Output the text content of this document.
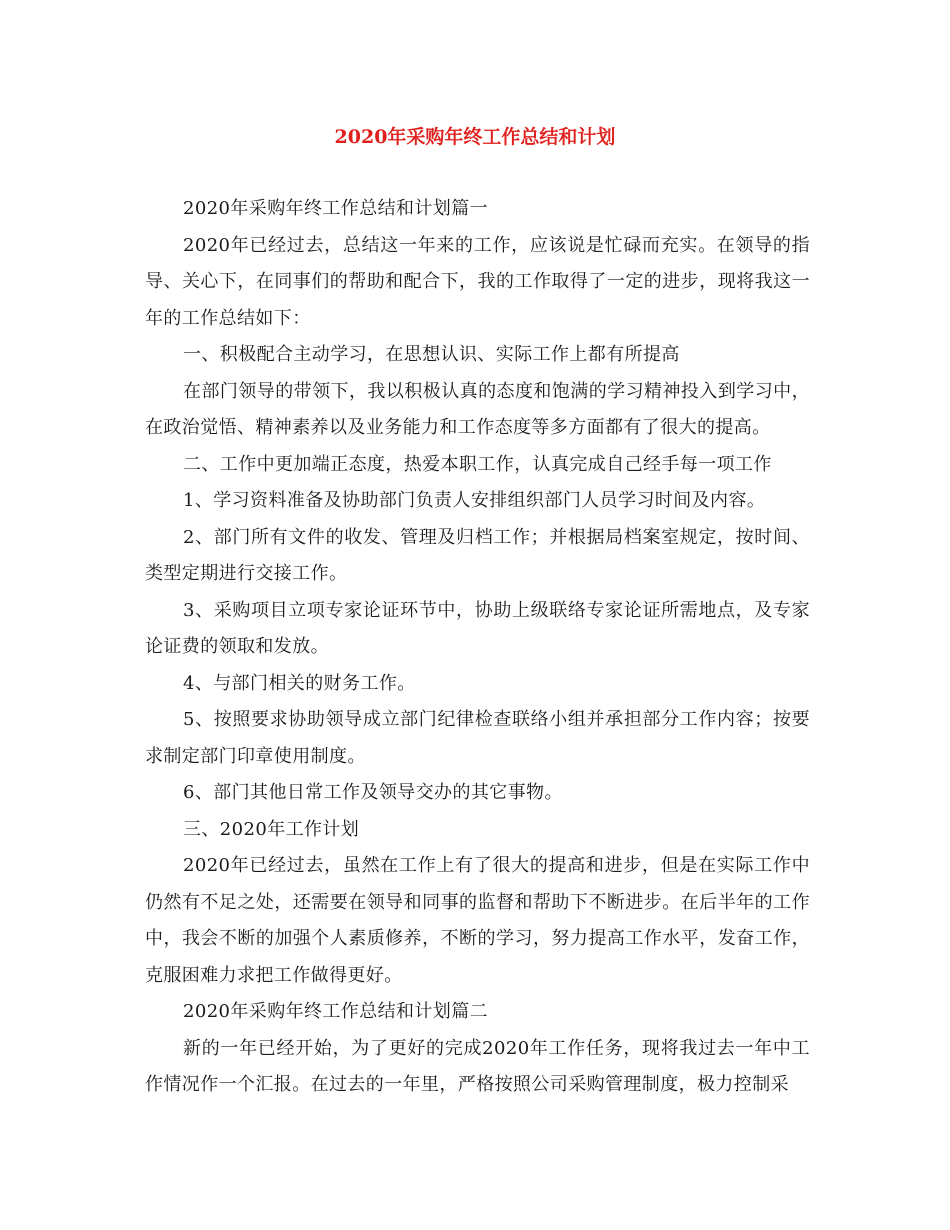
2020年采购年终工作总结和计划

2020年采购年终工作总结和计划篇一

2020年已经过去，总结这一年来的工作，应该说是忙碌而充实。在领导的指导、关心下，在同事们的帮助和配合下，我的工作取得了一定的进步，现将我这一年的工作总结如下：

一、积极配合主动学习，在思想认识、实际工作上都有所提高

在部门领导的带领下，我以积极认真的态度和饱满的学习精神投入到学习中，在政治觉悟、精神素养以及业务能力和工作态度等多方面都有了很大的提高。

二、工作中更加端正态度，热爱本职工作，认真完成自己经手每一项工作

1、学习资料准备及协助部门负责人安排组织部门人员学习时间及内容。

2、部门所有文件的收发、管理及归档工作；并根据局档案室规定，按时间、类型定期进行交接工作。

3、采购项目立项专家论证环节中，协助上级联络专家论证所需地点，及专家论证费的领取和发放。

4、与部门相关的财务工作。

5、按照要求协助领导成立部门纪律检查联络小组并承担部分工作内容；按要求制定部门印章使用制度。

6、部门其他日常工作及领导交办的其它事物。

三、2020年工作计划

2020年已经过去，虽然在工作上有了很大的提高和进步，但是在实际工作中仍然有不足之处，还需要在领导和同事的监督和帮助下不断进步。在后半年的工作中，我会不断的加强个人素质修养，不断的学习，努力提高工作水平，发奋工作，克服困难力求把工作做得更好。

2020年采购年终工作总结和计划篇二

新的一年已经开始，为了更好的完成2020年工作任务，现将我过去一年中工作情况作一个汇报。在过去的一年里，严格按照公司采购管理制度，极力控制采
